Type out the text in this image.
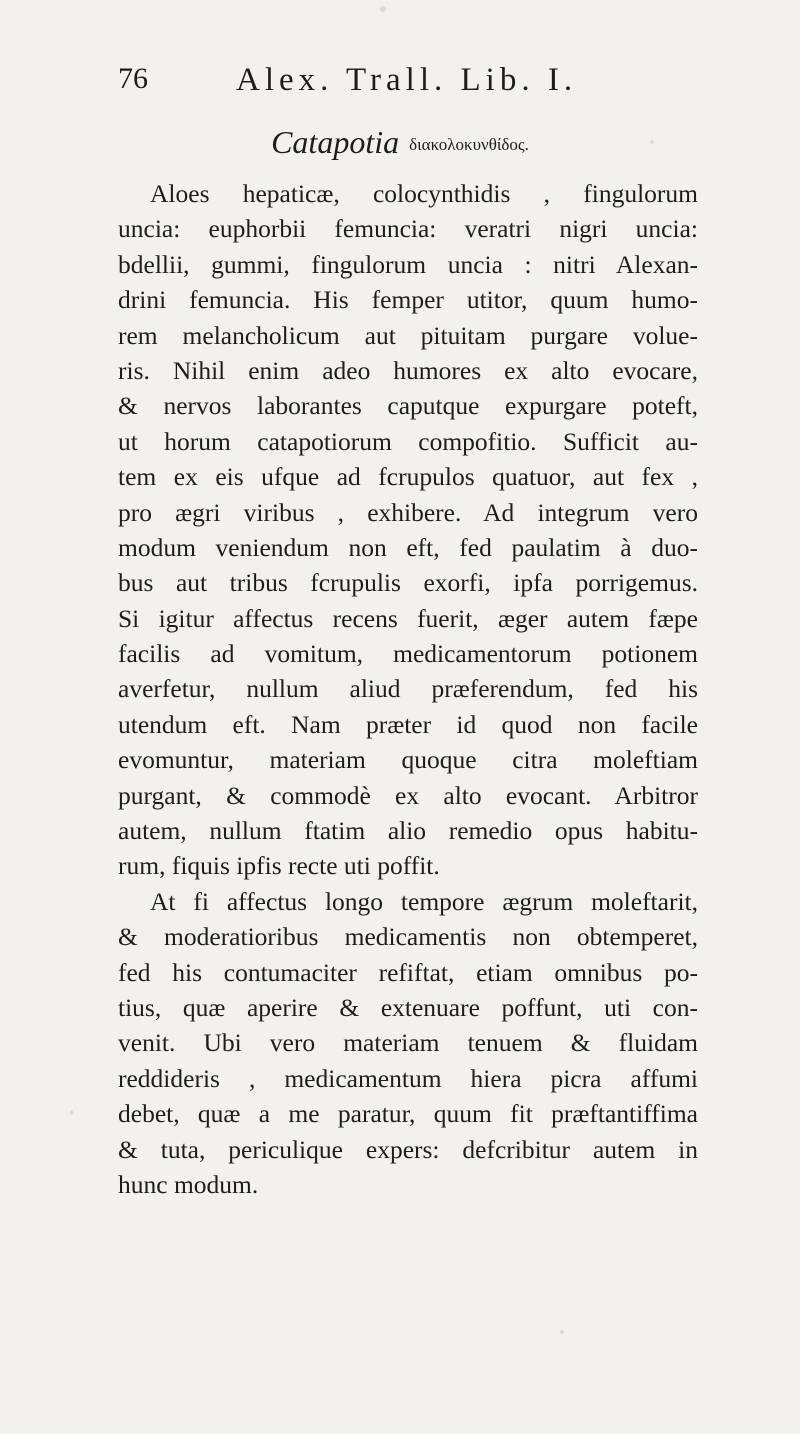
76	Alex. Trall. Lib. I.
Catapotia διακολοκυνθίδος.
Aloes hepaticæ, colocynthidis , fingulorum
uncia: euphorbii femuncia: veratri nigri uncia:
bdellii, gummi, fingulorum uncia : nitri Alexan-
drini femuncia. His femper utitor, quum humo-
rem melancholicum aut pituitam purgare volue-
ris. Nihil enim adeo humores ex alto evocare,
& nervos laborantes caputque expurgare poteft,
ut horum catapotiorum compofitio. Sufficit au-
tem ex eis ufque ad fcrupulos quatuor, aut fex ,
pro ægri viribus , exhibere. Ad integrum vero
modum veniendum non eft, fed paulatim à duo-
bus aut tribus fcrupulis exorfi, ipfa porrigemus.
Si igitur affectus recens fuerit, æger autem fæpe
facilis ad vomitum, medicamentorum potionem
averfetur, nullum aliud præferendum, fed his
utendum eft. Nam præter id quod non facile
evomuntur, materiam quoque citra moleftiam
purgant, & commodè ex alto evocant. Arbitror
autem, nullum ftatim alio remedio opus habitu-
rum, fiquis ipfis recte uti poffit.
At fi affectus longo tempore ægrum moleftarit,
& moderatioribus medicamentis non obtemperet,
fed his contumaciter refiftat, etiam omnibus po-
tius, quæ aperire & extenuare poffunt, uti con-
venit. Ubi vero materiam tenuem & fluidam
reddideris , medicamentum hiera picra affumi
debet, quæ a me paratur, quum fit præftantiffima
& tuta, periculique expers: defcribitur autem in
hunc modum.
